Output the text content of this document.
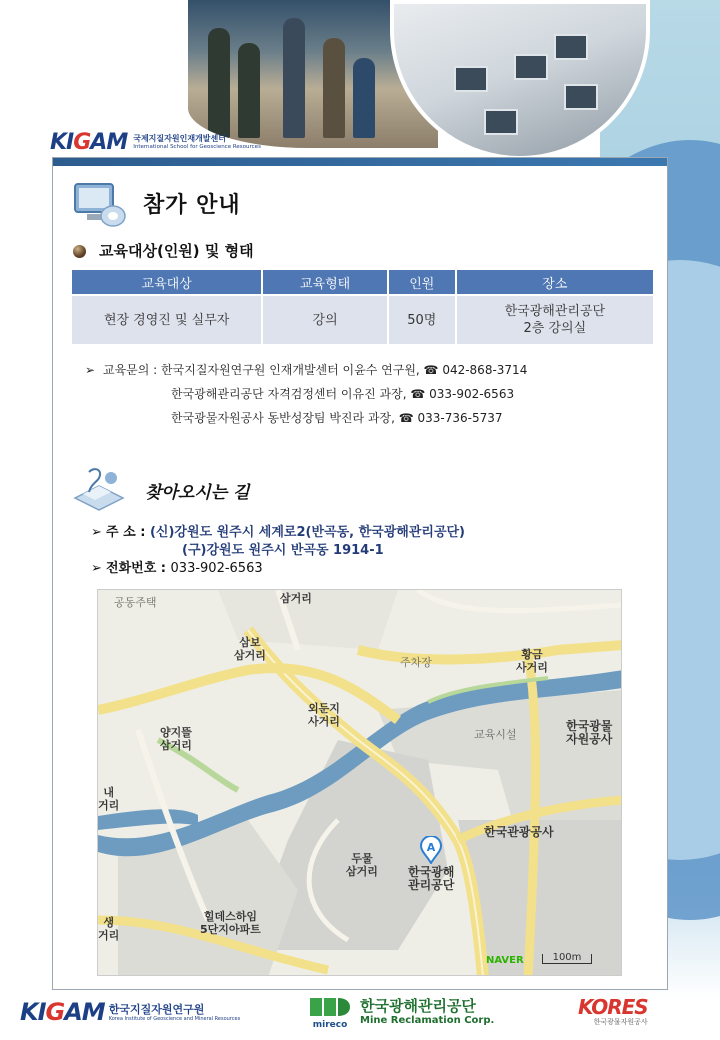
KIGAM 국제지질자원인재개발센터
International School for Geoscience Resources
참가 안내
교육대상(인원) 및 형태
교육대상	교육형태	인원	장소
현장 경영진 및 실무자	강의	50명	한국광해관리공단
2층 강의실
➢ 교육문의 : 한국지질자원연구원 인재개발센터 이윤수 연구원, ☎ 042-868-3714
한국광해관리공단 자격검정센터 이유진 과장, ☎ 033-902-6563
한국광물자원공사 동반성장팀 박진라 과장, ☎ 033-736-5737
찾아오시는 길
➢ 주 소 : (신)강원도 원주시 세계로2(반곡동, 한국광해관리공단)
(구)강원도 원주시 반곡동 1914-1
➢ 전화번호 : 033-902-6563
공동주택	삼거리
삼보
삼거리
주차장
황금
사거리
외둔지
사거리
양지뜰
삼거리
교육시설
한국광물
자원공사
내
거리
한국관광공사
두물
삼거리	한국광해
관리공단
힐데스하임
5단지아파트
생
거리
A
NAVER	100m
KIGAM 한국지질자원연구원
Korea Institute of Geoscience and Mineral Resources
mireco
한국광해관리공단
Mine Reclamation Corp.
KORES
한국광물자원공사
